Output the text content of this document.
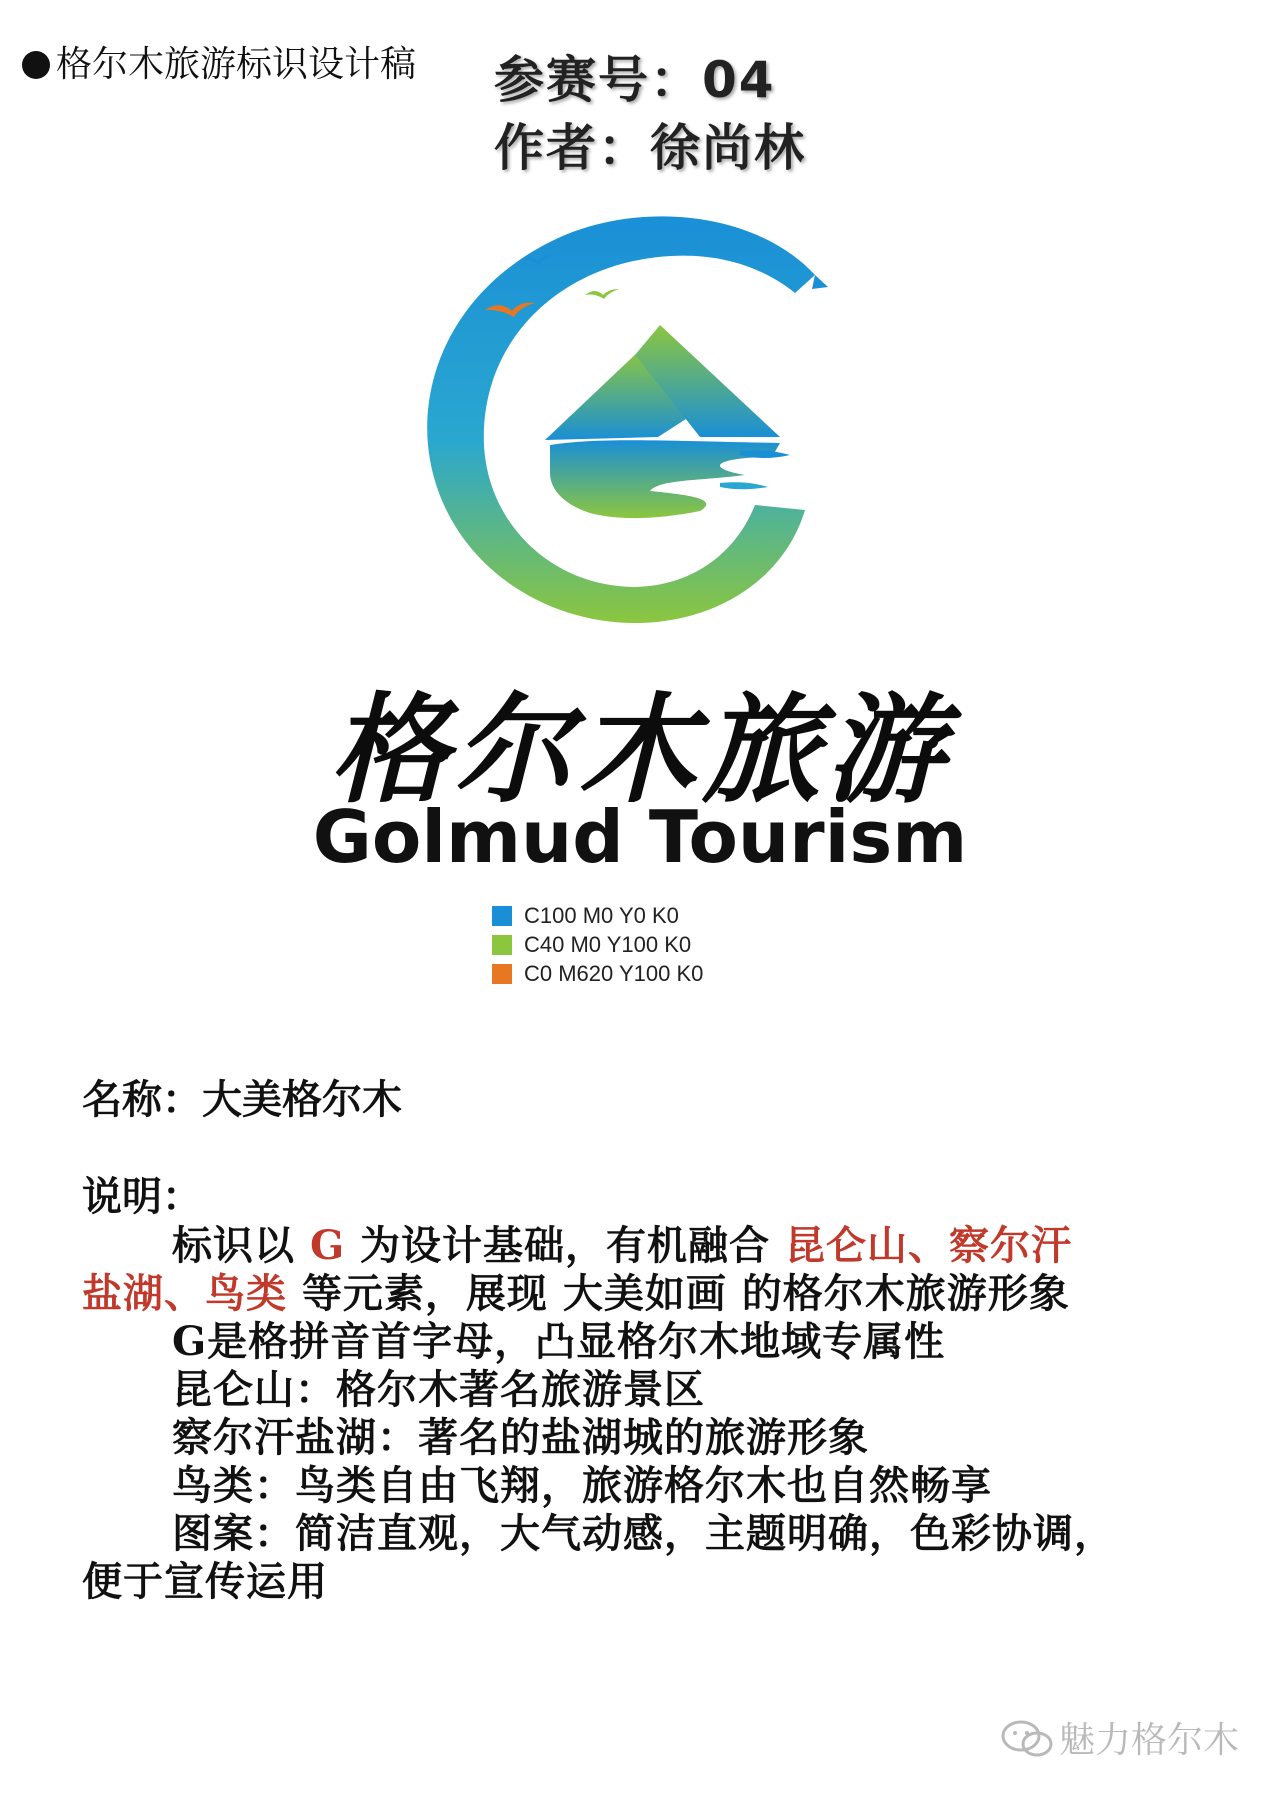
格尔木旅游标识设计稿 参赛号：04
作者：徐尚林
格尔木旅游
Golmud Tourism
C100 M0 Y0 K0
C40 M0 Y100 K0
C0 M620 Y100 K0
名称：大美格尔木
说明：
标识以 G 为设计基础，有机融合 昆仑山、察尔汗
盐湖、鸟类 等元素，展现 大美如画 的格尔木旅游形象
G是格拼音首字母，凸显格尔木地域专属性
昆仑山：格尔木著名旅游景区
察尔汗盐湖：著名的盐湖城的旅游形象
鸟类：鸟类自由飞翔，旅游格尔木也自然畅享
图案：简洁直观，大气动感，主题明确，色彩协调，
便于宣传运用
魅力格尔木
